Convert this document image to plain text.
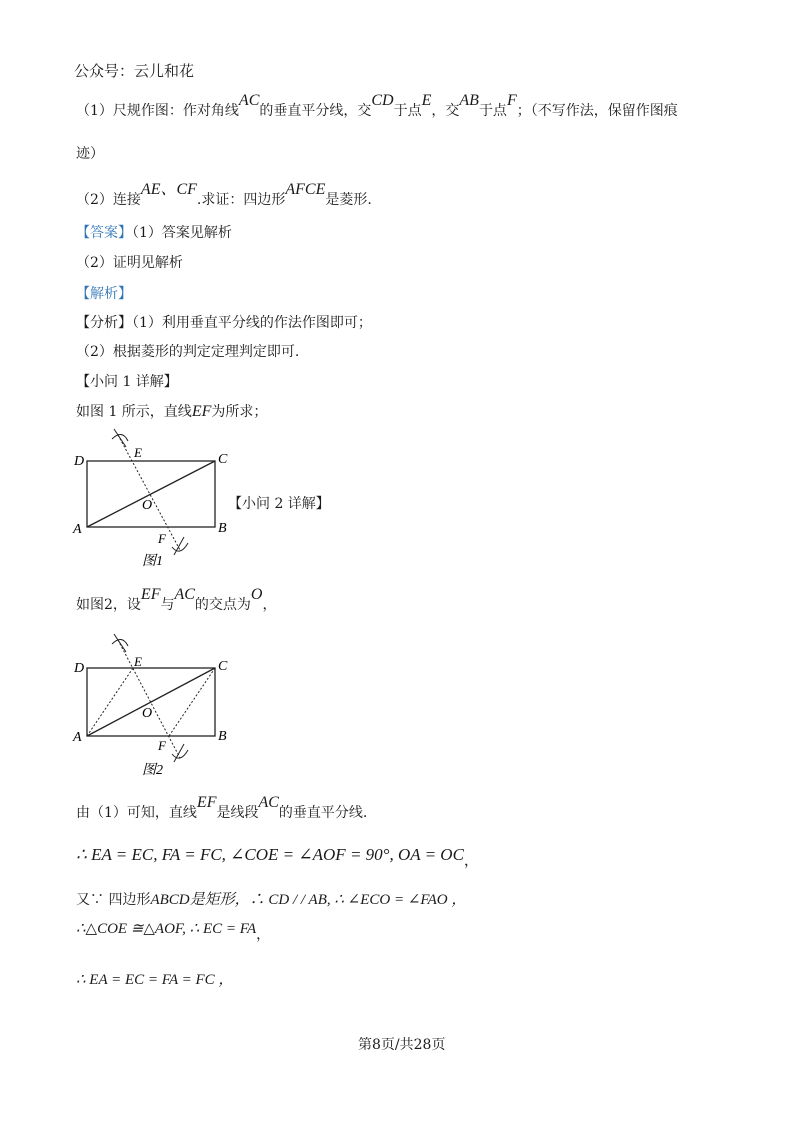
公众号：云儿和花
（1）尺规作图：作对角线AC的垂直平分线，交CD于点E，交AB于点F；（不写作法，保留作图痕
迹）
（2）连接AE、CF.求证：四边形AFCE是菱形.
【答案】（1）答案见解析
（2）证明见解析
【解析】
【分析】（1）利用垂直平分线的作法作图即可；
（2）根据菱形的判定定理判定即可.
【小问 1 详解】
如图 1 所示，直线EF为所求；
D
E	C
O
A	B
F
图1
【小问 2 详解】
如图2，设EF与AC的交点为O，
D	E	C
O
A	B
F
图2
由（1）可知，直线EF是线段AC的垂直平分线.
∴ EA = EC, FA = FC, ∠COE = ∠AOF = 90°, OA = OC，
又∵ 四边形ABCD是矩形，∴ CD / / AB, ∴ ∠ECO = ∠FAO ，
∴△COE ≅△AOF, ∴ EC = FA，
∴ EA = EC = FA = FC ，
第8页/共28页
